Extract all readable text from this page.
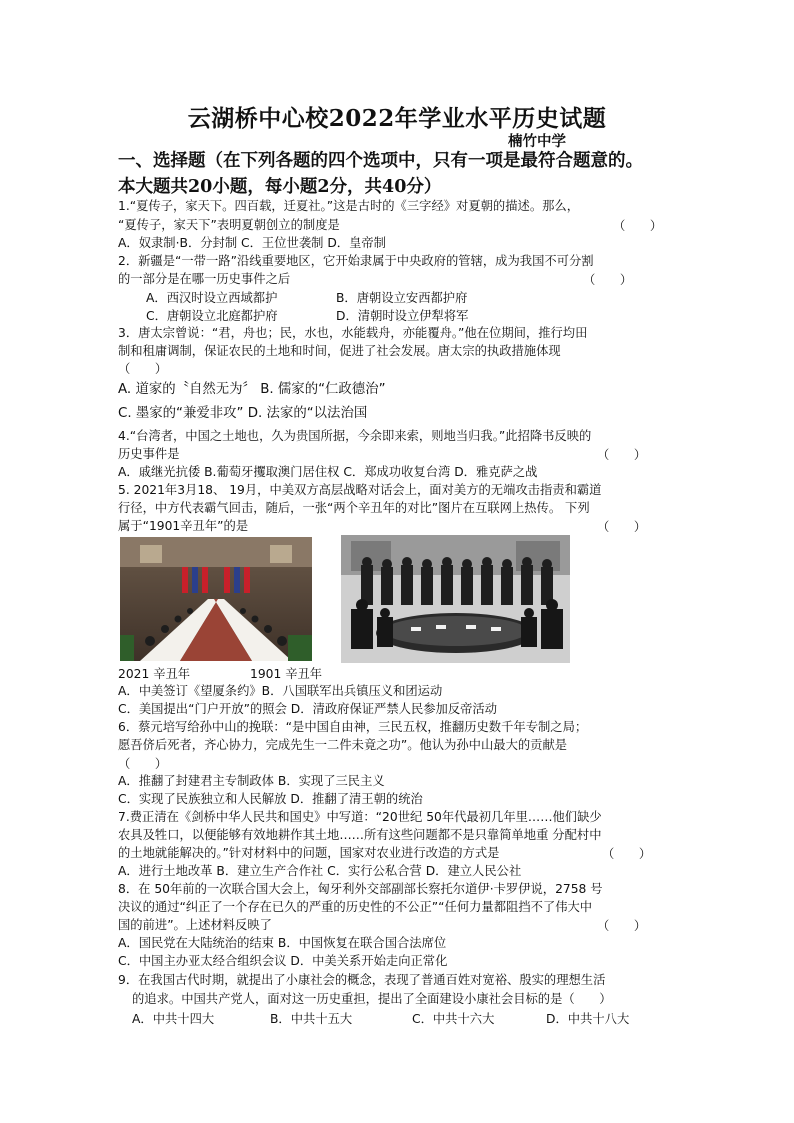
云湖桥中心校2022年学业水平历史试题
楠竹中学
一、选择题（在下列各题的四个选项中，只有一项是最符合题意的。
本大题共20小题，每小题2分，共40分）
1.“夏传子，家天下。四百载，迁夏社。”这是古时的《三字经》对夏朝的描述。那么，
“夏传子，家天下”表明夏朝创立的制度是	（　　）
A．奴隶制·B．分封制 C．王位世袭制 D．皇帝制
2．新疆是“一带一路”沿线重要地区，它开始隶属于中央政府的管辖，成为我国不可分割
的一部分是在哪一历史事件之后	（　　）
A．西汉时设立西域都护	B．唐朝设立安西都护府
C．唐朝设立北庭都护府	D．清朝时设立伊犁将军
3．唐太宗曾说：“君，舟也；民，水也，水能载舟，亦能覆舟。”他在位期间，推行均田
制和租庸调制，保证农民的土地和时间，促进了社会发展。唐太宗的执政措施体现
（　　）
A. 道家的〝自然无为〞 B. 儒家的“仁政德治”
C. 墨家的“兼爱非攻” D. 法家的“以法治国
4.“台湾者，中国之土地也，久为贵国所据，今余即来索，则地当归我。”此招降书反映的
历史事件是	（　　）
A．戚继光抗倭 B.葡萄牙攫取澳门居住权 C．郑成功收复台湾 D．雅克萨之战
5. 2021年3月18、 19月，中美双方高层战略对话会上，面对美方的无端攻击指责和霸道
行径，中方代表霸气回击，随后，一张“两个辛丑年的对比”图片在互联网上热传。 下列
属于“1901辛丑年”的是	（　　）
2021 辛丑年	1901 辛丑年
A．中美签订《望厦条约》B．八国联军出兵镇压义和团运动
C．美国提出“门户开放”的照会 D．清政府保证严禁人民参加反帝活动
6．蔡元培写给孙中山的挽联：“是中国自由神，三民五权，推翻历史数千年专制之局；
愿吾侪后死者，齐心协力，完成先生一二件未竟之功”。他认为孙中山最大的贡献是
（　　）
A．推翻了封建君主专制政体 B．实现了三民主义
C．实现了民族独立和人民解放 D．推翻了清王朝的统治
7.费正清在《剑桥中华人民共和国史》中写道：“20世纪 50年代最初几年里……他们缺少
农具及牲口，以便能够有效地耕作其土地……所有这些问题都不是只靠简单地重 分配村中
的土地就能解决的。”针对材料中的问题，国家对农业进行改造的方式是	（　　）
A．进行土地改革 B．建立生产合作社 C．实行公私合营 D．建立人民公社
8．在 50年前的一次联合国大会上，匈牙利外交部副部长察托尔道伊·卡罗伊说，2758 号
决议的通过“纠正了一个存在已久的严重的历史性的不公正”“任何力量都阻挡不了伟大中
国的前进”。上述材料反映了	（　　）
A．国民党在大陆统治的结束 B．中国恢复在联合国合法席位
C．中国主办亚太经合组织会议 D．中美关系开始走向正常化
9．在我国古代时期，就提出了小康社会的概念，表现了普通百姓对宽裕、殷实的理想生活
的追求。中国共产党人，面对这一历史重担，提出了全面建设小康社会目标的是（　　）
A．中共十四大	B．中共十五大	C．中共十六大	D．中共十八大
